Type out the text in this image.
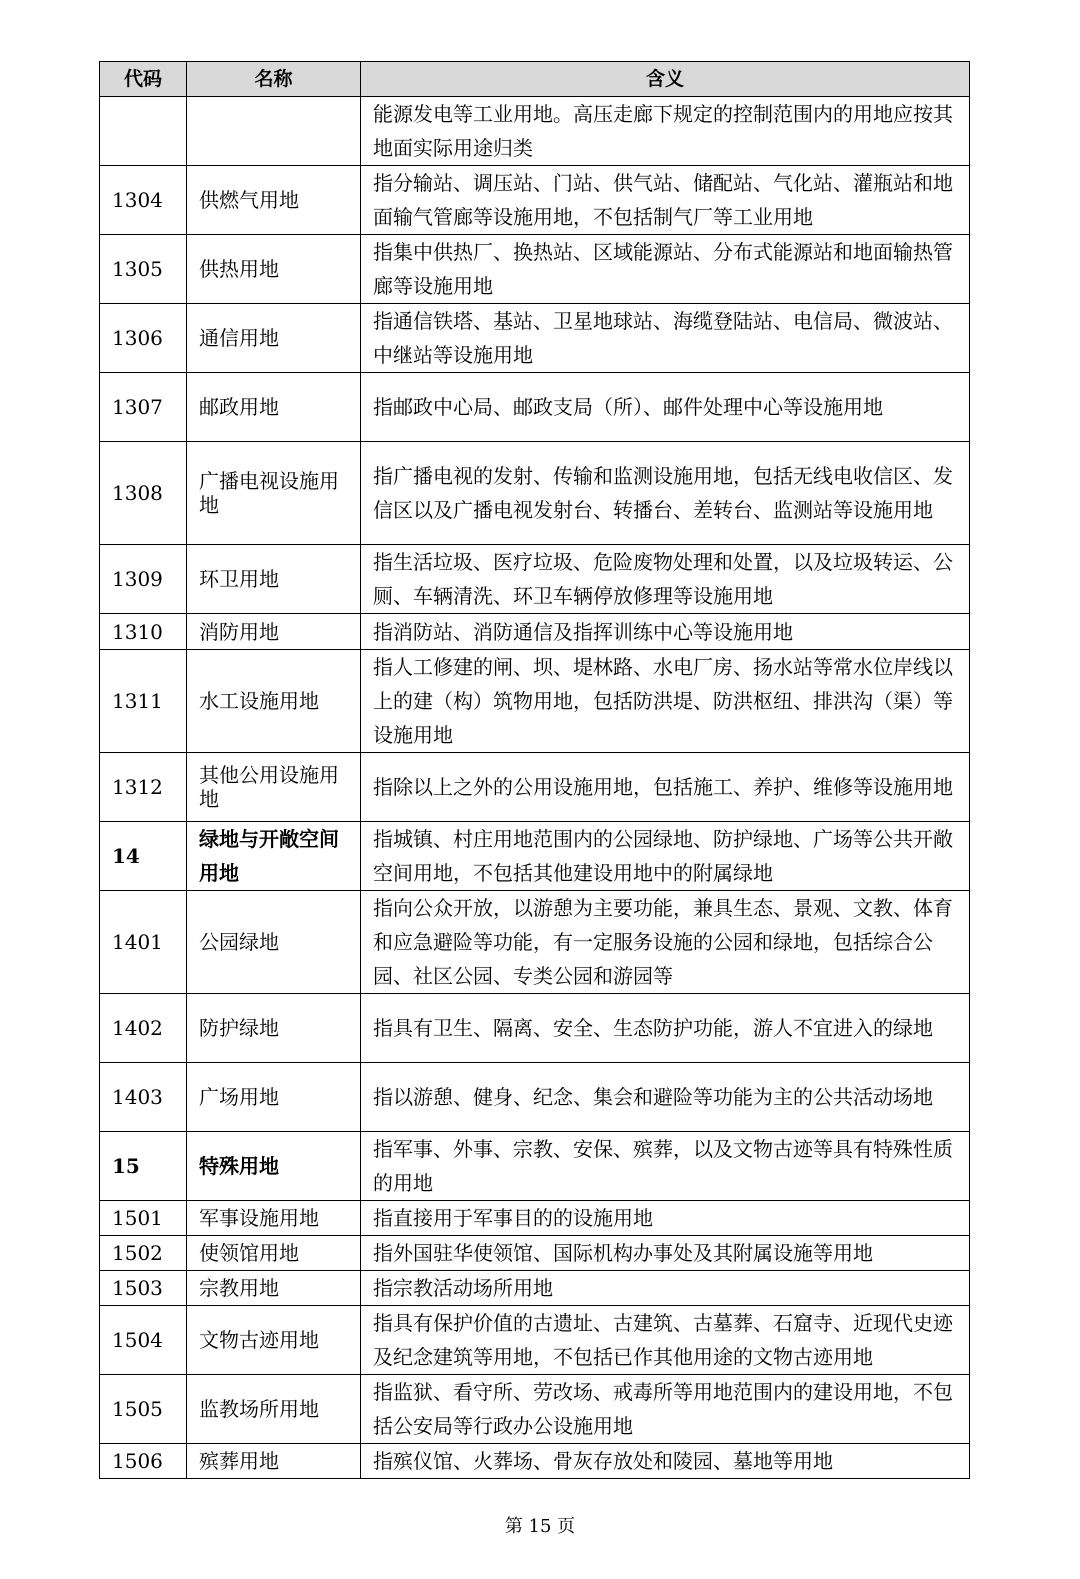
代码	名称	含义
		能源发电等工业用地。高压走廊下规定的控制范围内的用地应按其地面实际用途归类
1304	供燃气用地	指分输站、调压站、门站、供气站、储配站、气化站、灌瓶站和地面输气管廊等设施用地，不包括制气厂等工业用地
1305	供热用地	指集中供热厂、换热站、区域能源站、分布式能源站和地面输热管廊等设施用地
1306	通信用地	指通信铁塔、基站、卫星地球站、海缆登陆站、电信局、微波站、中继站等设施用地
1307	邮政用地	指邮政中心局、邮政支局（所）、邮件处理中心等设施用地
1308	广播电视设施用地	指广播电视的发射、传输和监测设施用地，包括无线电收信区、发信区以及广播电视发射台、转播台、差转台、监测站等设施用地
1309	环卫用地	指生活垃圾、医疗垃圾、危险废物处理和处置，以及垃圾转运、公厕、车辆清洗、环卫车辆停放修理等设施用地
1310	消防用地	指消防站、消防通信及指挥训练中心等设施用地
1311	水工设施用地	指人工修建的闸、坝、堤林路、水电厂房、扬水站等常水位岸线以上的建（构）筑物用地，包括防洪堤、防洪枢纽、排洪沟（渠）等设施用地
1312	其他公用设施用地	指除以上之外的公用设施用地，包括施工、养护、维修等设施用地
14	绿地与开敞空间用地	指城镇、村庄用地范围内的公园绿地、防护绿地、广场等公共开敞空间用地，不包括其他建设用地中的附属绿地
1401	公园绿地	指向公众开放，以游憩为主要功能，兼具生态、景观、文教、体育和应急避险等功能，有一定服务设施的公园和绿地，包括综合公园、社区公园、专类公园和游园等
1402	防护绿地	指具有卫生、隔离、安全、生态防护功能，游人不宜进入的绿地
1403	广场用地	指以游憩、健身、纪念、集会和避险等功能为主的公共活动场地
15	特殊用地	指军事、外事、宗教、安保、殡葬，以及文物古迹等具有特殊性质的用地
1501	军事设施用地	指直接用于军事目的的设施用地
1502	使领馆用地	指外国驻华使领馆、国际机构办事处及其附属设施等用地
1503	宗教用地	指宗教活动场所用地
1504	文物古迹用地	指具有保护价值的古遗址、古建筑、古墓葬、石窟寺、近现代史迹及纪念建筑等用地，不包括已作其他用途的文物古迹用地
1505	监教场所用地	指监狱、看守所、劳改场、戒毒所等用地范围内的建设用地，不包括公安局等行政办公设施用地
1506	殡葬用地	指殡仪馆、火葬场、骨灰存放处和陵园、墓地等用地
第 15 页
